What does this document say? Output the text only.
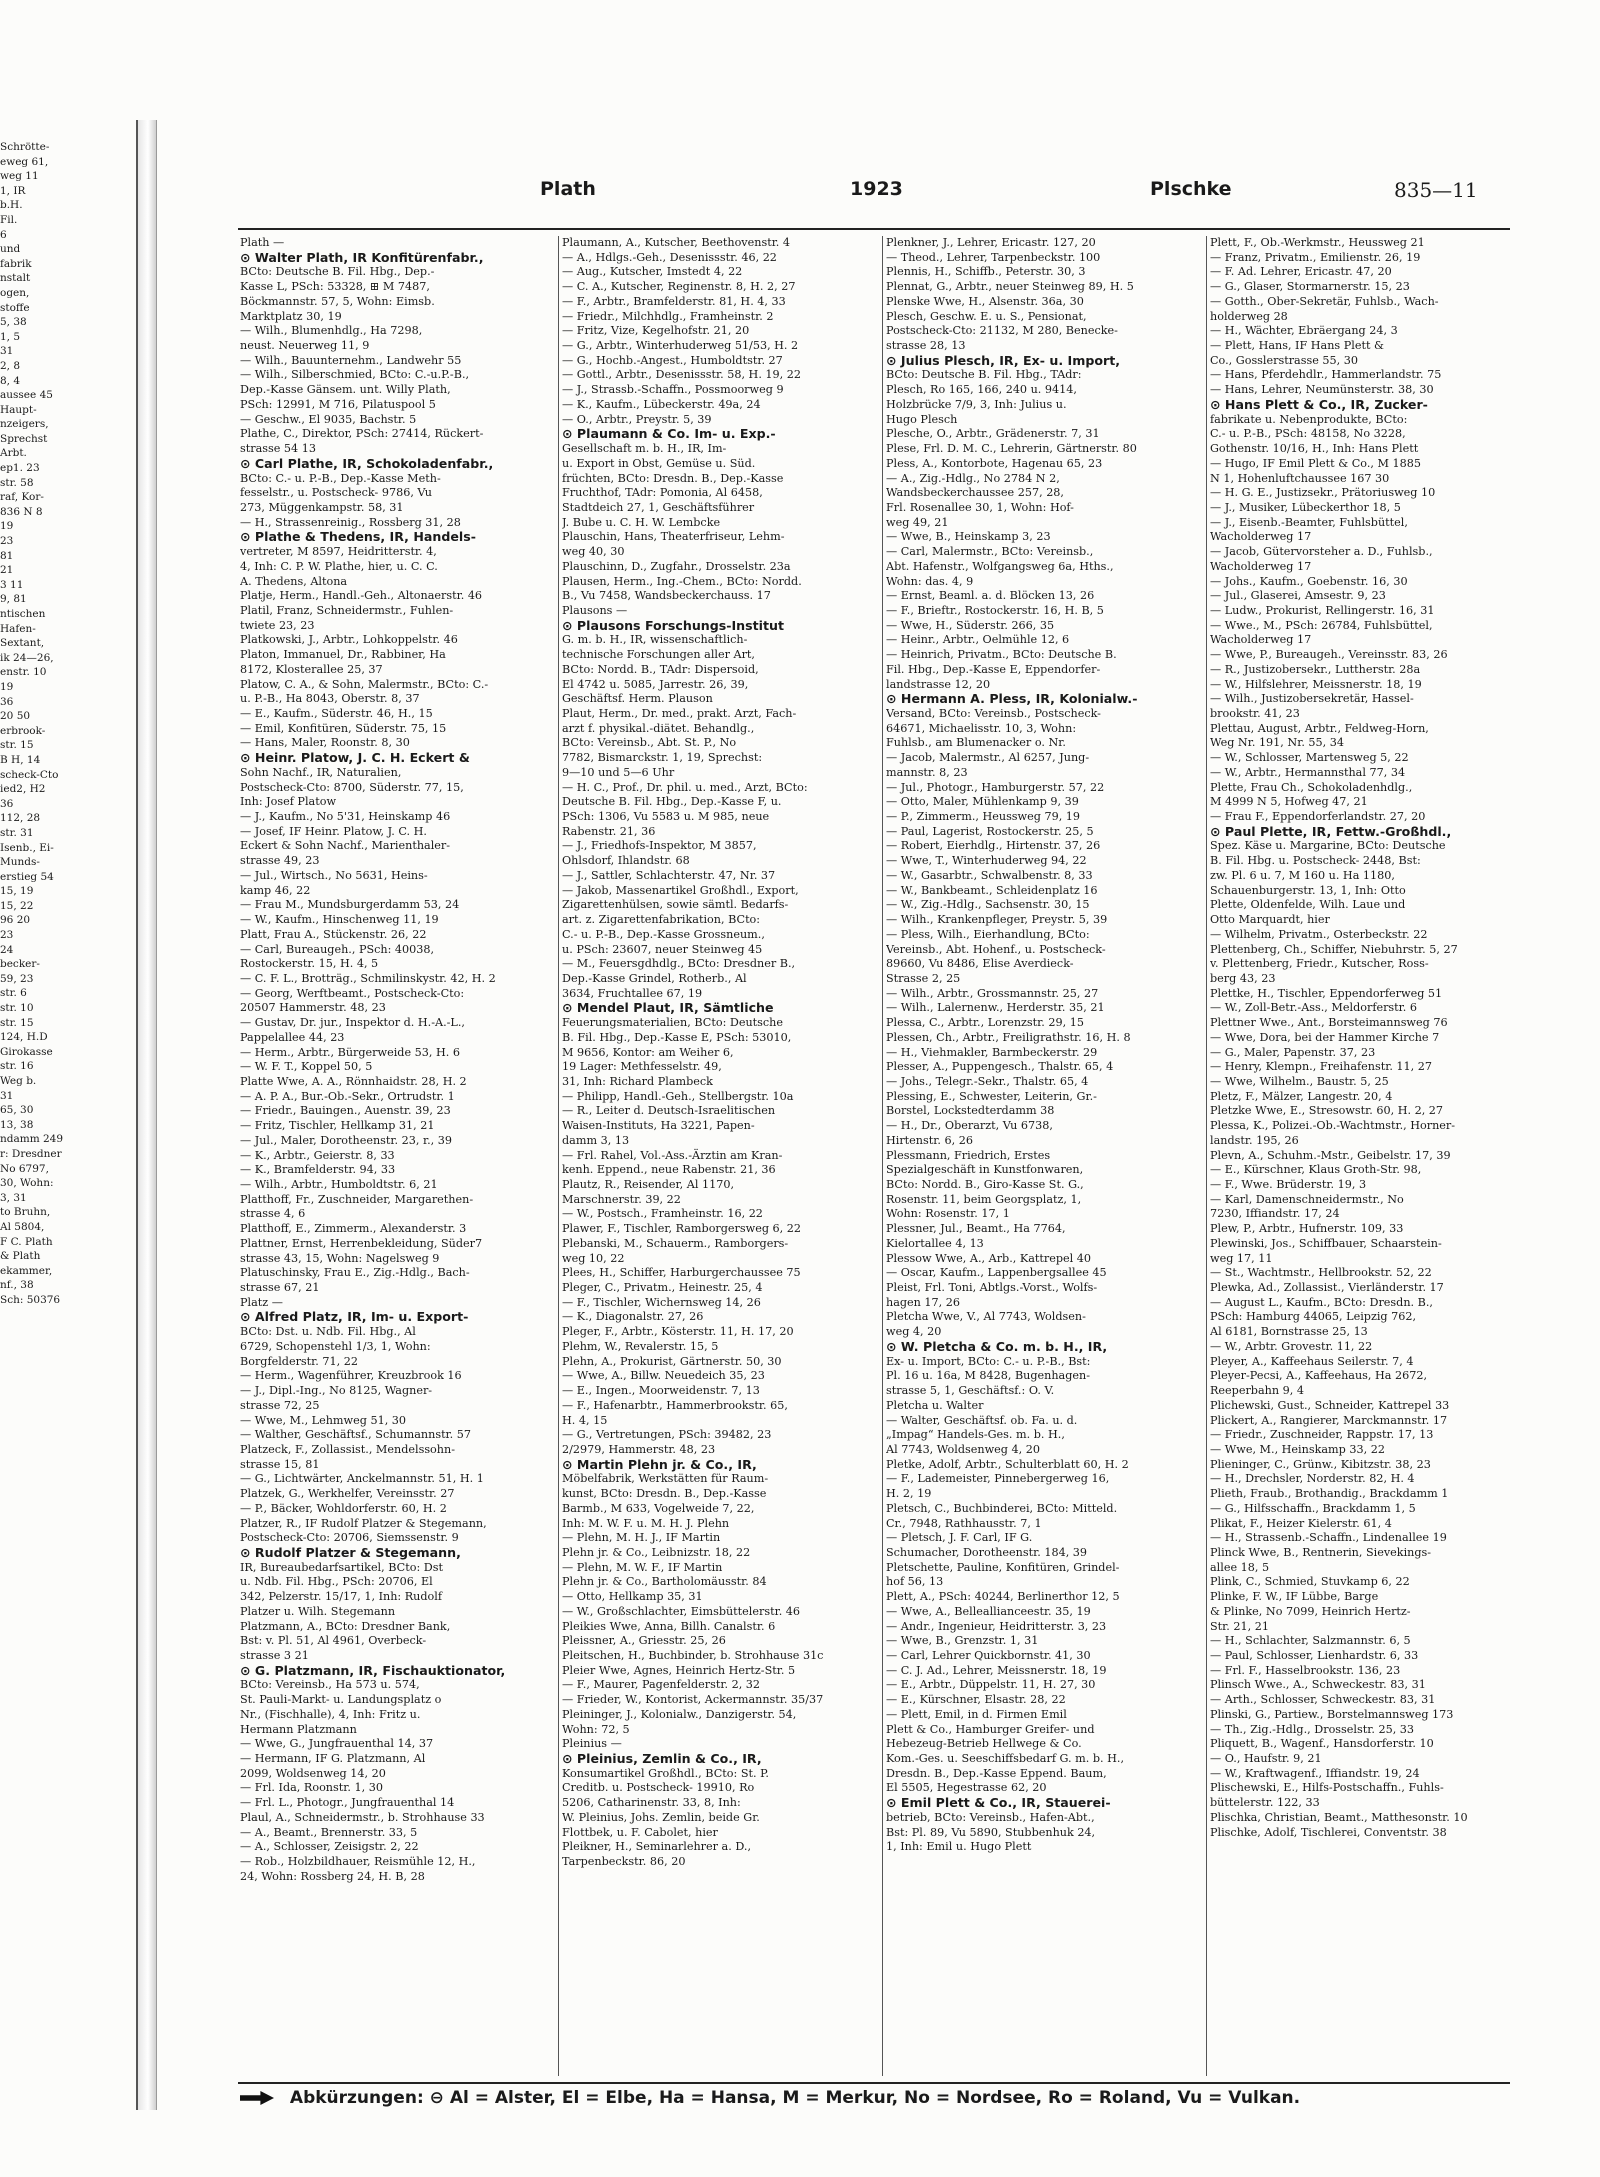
Schrötte-
eweg 61,
weg 11
1, IR
b.H.
Fil.
6
und
fabrik
nstalt
ogen,
stoffe
5, 38
1, 5
31
2, 8
8, 4
aussee 45
Haupt-
nzeigers,
Sprechst
Arbt.
ep1. 23
str. 58
raf, Kor-
836 N 8
19
23
81
21
3 11
9, 81
ntischen
Hafen-
Sextant,
ik 24—26,
enstr. 10
19
36
20 50
erbrook-
str. 15
B H, 14
scheck-Cto
ied2, H2
36
112, 28
str. 31
Isenb., Ei-
Munds-
erstieg 54
15, 19
15, 22
96 20
23
24
becker-
59, 23
str. 6
str. 10
str. 15
124, H.D
Girokasse
str. 16
Weg b.
31
65, 30
13, 38
ndamm 249
r: Dresdner
No 6797,
30, Wohn:
3, 31
to Bruhn,
Al 5804,
F C. Plath
& Plath
ekammer,
nf., 38
Sch: 50376
Plath	1923	Plschke	835—11
Plath —
⊙ Walter Plath, IR Konfitürenfabr.,
BCto: Deutsche B. Fil. Hbg., Dep.-
Kasse L, PSch: 53328, ⊞ M 7487,
Böckmannstr. 57, 5, Wohn: Eimsb.
Marktplatz 30, 19
— Wilh., Blumenhdlg., Ha 7298,
neust. Neuerweg 11, 9
— Wilh., Bauunternehm., Landwehr 55
— Wilh., Silberschmied, BCto: C.-u.P.-B.,
Dep.-Kasse Gänsem. unt. Willy Plath,
PSch: 12991, M 716, Pilatuspool 5
— Geschw., El 9035, Bachstr. 5
Plathe, C., Direktor, PSch: 27414, Rückert-
strasse 54 13
⊙ Carl Plathe, IR, Schokoladenfabr.,
BCto: C.- u. P.-B., Dep.-Kasse Meth-
fesselstr., u. Postscheck- 9786, Vu
273, Müggenkampstr. 58, 31
— H., Strassenreinig., Rossberg 31, 28
⊙ Plathe & Thedens, IR, Handels-
vertreter, M 8597, Heidritterstr. 4,
4, Inh: C. P. W. Plathe, hier, u. C. C.
A. Thedens, Altona
Platje, Herm., Handl.-Geh., Altonaerstr. 46
Platil, Franz, Schneidermstr., Fuhlen-
twiete 23, 23
Platkowski, J., Arbtr., Lohkoppelstr. 46
Platon, Immanuel, Dr., Rabbiner, Ha
8172, Klosterallee 25, 37
Platow, C. A., & Sohn, Malermstr., BCto: C.-
u. P.-B., Ha 8043, Oberstr. 8, 37
— E., Kaufm., Süderstr. 46, H., 15
— Emil, Konfitüren, Süderstr. 75, 15
— Hans, Maler, Roonstr. 8, 30
⊙ Heinr. Platow, J. C. H. Eckert &
Sohn Nachf., IR, Naturalien,
Postscheck-Cto: 8700, Süderstr. 77, 15,
Inh: Josef Platow
— J., Kaufm., No 5'31, Heinskamp 46
— Josef, IF Heinr. Platow, J. C. H.
Eckert & Sohn Nachf., Marienthaler-
strasse 49, 23
— Jul., Wirtsch., No 5631, Heins-
kamp 46, 22
— Frau M., Mundsburgerdamm 53, 24
— W., Kaufm., Hinschenweg 11, 19
Platt, Frau A., Stückenstr. 26, 22
— Carl, Bureaugeh., PSch: 40038,
Rostockerstr. 15, H. 4, 5
— C. F. L., Brotträg., Schmilinskystr. 42, H. 2
— Georg, Werftbeamt., Postscheck-Cto:
20507 Hammerstr. 48, 23
— Gustav, Dr. jur., Inspektor d. H.-A.-L.,
Pappelallee 44, 23
— Herm., Arbtr., Bürgerweide 53, H. 6
— W. F. T., Koppel 50, 5
Platte Wwe, A. A., Rönnhaidstr. 28, H. 2
— A. P. A., Bur.-Ob.-Sekr., Ortrudstr. 1
— Friedr., Bauingen., Auenstr. 39, 23
— Fritz, Tischler, Hellkamp 31, 21
— Jul., Maler, Dorotheenstr. 23, r., 39
— K., Arbtr., Geierstr. 8, 33
— K., Bramfelderstr. 94, 33
— Wilh., Arbtr., Humboldtstr. 6, 21
Platthoff, Fr., Zuschneider, Margarethen-
strasse 4, 6
Platthoff, E., Zimmerm., Alexanderstr. 3
Plattner, Ernst, Herrenbekleidung, Süder7
strasse 43, 15, Wohn: Nagelsweg 9
Platuschinsky, Frau E., Zig.-Hdlg., Bach-
strasse 67, 21
Platz —
⊙ Alfred Platz, IR, Im- u. Export-
BCto: Dst. u. Ndb. Fil. Hbg., Al
6729, Schopenstehl 1/3, 1, Wohn:
Borgfelderstr. 71, 22
— Herm., Wagenführer, Kreuzbrook 16
— J., Dipl.-Ing., No 8125, Wagner-
strasse 72, 25
— Wwe, M., Lehmweg 51, 30
— Walther, Geschäftsf., Schumannstr. 57
Platzeck, F., Zollassist., Mendelssohn-
strasse 15, 81
— G., Lichtwärter, Anckelmannstr. 51, H. 1
Platzek, G., Werkhelfer, Vereinsstr. 27
— P., Bäcker, Wohldorferstr. 60, H. 2
Platzer, R., IF Rudolf Platzer & Stegemann,
Postscheck-Cto: 20706, Siemssenstr. 9
⊙ Rudolf Platzer & Stegemann,
IR, Bureaubedarfsartikel, BCto: Dst
u. Ndb. Fil. Hbg., PSch: 20706, El
342, Pelzerstr. 15/17, 1, Inh: Rudolf
Platzer u. Wilh. Stegemann
Platzmann, A., BCto: Dresdner Bank,
Bst: v. Pl. 51, Al 4961, Overbeck-
strasse 3 21
⊙ G. Platzmann, IR, Fischauktionator,
BCto: Vereinsb., Ha 573 u. 574,
St. Pauli-Markt- u. Landungsplatz o
Nr., (Fischhalle), 4, Inh: Fritz u.
Hermann Platzmann
— Wwe, G., Jungfrauenthal 14, 37
— Hermann, IF G. Platzmann, Al
2099, Woldsenweg 14, 20
— Frl. Ida, Roonstr. 1, 30
— Frl. L., Photogr., Jungfrauenthal 14
Plaul, A., Schneidermstr., b. Strohhause 33
— A., Beamt., Brennerstr. 33, 5
— A., Schlosser, Zeisigstr. 2, 22
— Rob., Holzbildhauer, Reismühle 12, H.,
24, Wohn: Rossberg 24, H. B, 28
Plaumann, A., Kutscher, Beethovenstr. 4
— A., Hdlgs.-Geh., Desenissstr. 46, 22
— Aug., Kutscher, Imstedt 4, 22
— C. A., Kutscher, Reginenstr. 8, H. 2, 27
— F., Arbtr., Bramfelderstr. 81, H. 4, 33
— Friedr., Milchhdlg., Framheinstr. 2
— Fritz, Vize, Kegelhofstr. 21, 20
— G., Arbtr., Winterhuderweg 51/53, H. 2
— G., Hochb.-Angest., Humboldtstr. 27
— Gottl., Arbtr., Desenissstr. 58, H. 19, 22
— J., Strassb.-Schaffn., Possmoorweg 9
— K., Kaufm., Lübeckerstr. 49a, 24
— O., Arbtr., Preystr. 5, 39
⊙ Plaumann & Co. Im- u. Exp.-
Gesellschaft m. b. H., IR, Im-
u. Export in Obst, Gemüse u. Süd.
früchten, BCto: Dresdn. B., Dep.-Kasse
Fruchthof, TAdr: Pomonia, Al 6458,
Stadtdeich 27, 1, Geschäftsführer
J. Bube u. C. H. W. Lembcke
Plauschin, Hans, Theaterfriseur, Lehm-
weg 40, 30
Plauschinn, D., Zugfahr., Drosselstr. 23a
Plausen, Herm., Ing.-Chem., BCto: Nordd.
B., Vu 7458, Wandsbeckerchauss. 17
Plausons —
⊙ Plausons Forschungs-Institut
G. m. b. H., IR, wissenschaftlich-
technische Forschungen aller Art,
BCto: Nordd. B., TAdr: Dispersoid,
El 4742 u. 5085, Jarrestr. 26, 39,
Geschäftsf. Herm. Plauson
Plaut, Herm., Dr. med., prakt. Arzt, Fach-
arzt f. physikal.-diätet. Behandlg.,
BCto: Vereinsb., Abt. St. P., No
7782, Bismarckstr. 1, 19, Sprechst:
9—10 und 5—6 Uhr
— H. C., Prof., Dr. phil. u. med., Arzt, BCto:
Deutsche B. Fil. Hbg., Dep.-Kasse F, u.
PSch: 1306, Vu 5583 u. M 985, neue
Rabenstr. 21, 36
— J., Friedhofs-Inspektor, M 3857,
Ohlsdorf, Ihlandstr. 68
— J., Sattler, Schlachterstr. 47, Nr. 37
— Jakob, Massenartikel Großhdl., Export,
Zigarettenhülsen, sowie sämtl. Bedarfs-
art. z. Zigarettenfabrikation, BCto:
C.- u. P.-B., Dep.-Kasse Grossneum.,
u. PSch: 23607, neuer Steinweg 45
— M., Feuersgdhdlg., BCto: Dresdner B.,
Dep.-Kasse Grindel, Rotherb., Al
3634, Fruchtallee 67, 19
⊙ Mendel Plaut, IR, Sämtliche
Feuerungsmaterialien, BCto: Deutsche
B. Fil. Hbg., Dep.-Kasse E, PSch: 53010,
M 9656, Kontor: am Weiher 6,
19 Lager: Methfesselstr. 49,
31, Inh: Richard Plambeck
— Philipp, Handl.-Geh., Stellbergstr. 10a
— R., Leiter d. Deutsch-Israelitischen
Waisen-Instituts, Ha 3221, Papen-
damm 3, 13
— Frl. Rahel, Vol.-Ass.-Ärztin am Kran-
kenh. Eppend., neue Rabenstr. 21, 36
Plautz, R., Reisender, Al 1170,
Marschnerstr. 39, 22
— W., Postsch., Framheinstr. 16, 22
Plawer, F., Tischler, Ramborgersweg 6, 22
Plebanski, M., Schauerm., Ramborgers-
weg 10, 22
Plees, H., Schiffer, Harburgerchaussee 75
Pleger, C., Privatm., Heinestr. 25, 4
— F., Tischler, Wichernsweg 14, 26
— K., Diagonalstr. 27, 26
Pleger, F., Arbtr., Kösterstr. 11, H. 17, 20
Plehm, W., Revalerstr. 15, 5
Plehn, A., Prokurist, Gärtnerstr. 50, 30
— Wwe, A., Billw. Neuedeich 35, 23
— E., Ingen., Moorweidenstr. 7, 13
— F., Hafenarbtr., Hammerbrookstr. 65,
H. 4, 15
— G., Vertretungen, PSch: 39482, 23
2/2979, Hammerstr. 48, 23
⊙ Martin Plehn jr. & Co., IR,
Möbelfabrik, Werkstätten für Raum-
kunst, BCto: Dresdn. B., Dep.-Kasse
Barmb., M 633, Vogelweide 7, 22,
Inh: M. W. F. u. M. H. J. Plehn
— Plehn, M. H. J., IF Martin
Plehn jr. & Co., Leibnizstr. 18, 22
— Plehn, M. W. F., IF Martin
Plehn jr. & Co., Bartholomäusstr. 84
— Otto, Hellkamp 35, 31
— W., Großschlachter, Eimsbüttelerstr. 46
Pleikies Wwe, Anna, Billh. Canalstr. 6
Pleissner, A., Griesstr. 25, 26
Pleitschen, H., Buchbinder, b. Strohhause 31c
Pleier Wwe, Agnes, Heinrich Hertz-Str. 5
— F., Maurer, Pagenfelderstr. 2, 32
— Frieder, W., Kontorist, Ackermannstr. 35/37
Pleininger, J., Kolonialw., Danzigerstr. 54,
Wohn: 72, 5
Pleinius —
⊙ Pleinius, Zemlin & Co., IR,
Konsumartikel Großhdl., BCto: St. P.
Creditb. u. Postscheck- 19910, Ro
5206, Catharinenstr. 33, 8, Inh:
W. Pleinius, Johs. Zemlin, beide Gr.
Flottbek, u. F. Cabolet, hier
Pleikner, H., Seminarlehrer a. D.,
Tarpenbeckstr. 86, 20
Plenkner, J., Lehrer, Ericastr. 127, 20
— Theod., Lehrer, Tarpenbeckstr. 100
Plennis, H., Schiffb., Peterstr. 30, 3
Plennat, G., Arbtr., neuer Steinweg 89, H. 5
Plenske Wwe, H., Alsenstr. 36a, 30
Plesch, Geschw. E. u. S., Pensionat,
Postscheck-Cto: 21132, M 280, Benecke-
strasse 28, 13
⊙ Julius Plesch, IR, Ex- u. Import,
BCto: Deutsche B. Fil. Hbg., TAdr:
Plesch, Ro 165, 166, 240 u. 9414,
Holzbrücke 7/9, 3, Inh: Julius u.
Hugo Plesch
Plesche, O., Arbtr., Grädenerstr. 7, 31
Plese, Frl. D. M. C., Lehrerin, Gärtnerstr. 80
Pless, A., Kontorbote, Hagenau 65, 23
— A., Zig.-Hdlg., No 2784 N 2,
Wandsbeckerchaussee 257, 28,
Frl. Rosenallee 30, 1, Wohn: Hof-
weg 49, 21
— Wwe, B., Heinskamp 3, 23
— Carl, Malermstr., BCto: Vereinsb.,
Abt. Hafenstr., Wolfgangsweg 6a, Hths.,
Wohn: das. 4, 9
— Ernst, Beaml. a. d. Blöcken 13, 26
— F., Brieftr., Rostockerstr. 16, H. B, 5
— Wwe, H., Süderstr. 266, 35
— Heinr., Arbtr., Oelmühle 12, 6
— Heinrich, Privatm., BCto: Deutsche B.
Fil. Hbg., Dep.-Kasse E, Eppendorfer-
landstrasse 12, 20
⊙ Hermann A. Pless, IR, Kolonialw.-
Versand, BCto: Vereinsb., Postscheck-
64671, Michaelisstr. 10, 3, Wohn:
Fuhlsb., am Blumenacker o. Nr.
— Jacob, Malermstr., Al 6257, Jung-
mannstr. 8, 23
— Jul., Photogr., Hamburgerstr. 57, 22
— Otto, Maler, Mühlenkamp 9, 39
— P., Zimmerm., Heussweg 79, 19
— Paul, Lagerist, Rostockerstr. 25, 5
— Robert, Eierhdlg., Hirtenstr. 37, 26
— Wwe, T., Winterhuderweg 94, 22
— W., Gasarbtr., Schwalbenstr. 8, 33
— W., Bankbeamt., Schleidenplatz 16
— W., Zig.-Hdlg., Sachsenstr. 30, 15
— Wilh., Krankenpfleger, Preystr. 5, 39
— Pless, Wilh., Eierhandlung, BCto:
Vereinsb., Abt. Hohenf., u. Postscheck-
89660, Vu 8486, Elise Averdieck-
Strasse 2, 25
— Wilh., Arbtr., Grossmannstr. 25, 27
— Wilh., Lalernenw., Herderstr. 35, 21
Plessa, C., Arbtr., Lorenzstr. 29, 15
Plessen, Ch., Arbtr., Freiligrathstr. 16, H. 8
— H., Viehmakler, Barmbeckerstr. 29
Plesser, A., Puppengesch., Thalstr. 65, 4
— Johs., Telegr.-Sekr., Thalstr. 65, 4
Plessing, E., Schwester, Leiterin, Gr.-
Borstel, Lockstedterdamm 38
— H., Dr., Oberarzt, Vu 6738,
Hirtenstr. 6, 26
Plessmann, Friedrich, Erstes
Spezialgeschäft in Kunstfonwaren,
BCto: Nordd. B., Giro-Kasse St. G.,
Rosenstr. 11, beim Georgsplatz, 1,
Wohn: Rosenstr. 17, 1
Plessner, Jul., Beamt., Ha 7764,
Kielortallee 4, 13
Plessow Wwe, A., Arb., Kattrepel 40
— Oscar, Kaufm., Lappenbergsallee 45
Pleist, Frl. Toni, Abtlgs.-Vorst., Wolfs-
hagen 17, 26
Pletcha Wwe, V., Al 7743, Woldsen-
weg 4, 20
⊙ W. Pletcha & Co. m. b. H., IR,
Ex- u. Import, BCto: C.- u. P.-B., Bst:
Pl. 16 u. 16a, M 8428, Bugenhagen-
strasse 5, 1, Geschäftsf.: O. V.
Pletcha u. Walter
— Walter, Geschäftsf. ob. Fa. u. d.
„Impag“ Handels-Ges. m. b. H.,
Al 7743, Woldsenweg 4, 20
Pletke, Adolf, Arbtr., Schulterblatt 60, H. 2
— F., Lademeister, Pinnebergerweg 16,
H. 2, 19
Pletsch, C., Buchbinderei, BCto: Mitteld.
Cr., 7948, Rathhausstr. 7, 1
— Pletsch, J. F. Carl, IF G.
Schumacher, Dorotheenstr. 184, 39
Pletschette, Pauline, Konfitüren, Grindel-
hof 56, 13
Plett, A., PSch: 40244, Berlinerthor 12, 5
— Wwe, A., Belleallianceestr. 35, 19
— Andr., Ingenieur, Heidritterstr. 3, 23
— Wwe, B., Grenzstr. 1, 31
— Carl, Lehrer Quickbornstr. 41, 30
— C. J. Ad., Lehrer, Meissnerstr. 18, 19
— E., Arbtr., Düppelstr. 11, H. 27, 30
— E., Kürschner, Elsastr. 28, 22
— Plett, Emil, in d. Firmen Emil
Plett & Co., Hamburger Greifer- und
Hebezeug-Betrieb Hellwege & Co.
Kom.-Ges. u. Seeschiffsbedarf G. m. b. H.,
Dresdn. B., Dep.-Kasse Eppend. Baum,
El 5505, Hegestrasse 62, 20
⊙ Emil Plett & Co., IR, Stauerei-
betrieb, BCto: Vereinsb., Hafen-Abt.,
Bst: Pl. 89, Vu 5890, Stubbenhuk 24,
1, Inh: Emil u. Hugo Plett
Plett, F., Ob.-Werkmstr., Heussweg 21
— Franz, Privatm., Emilienstr. 26, 19
— F. Ad. Lehrer, Ericastr. 47, 20
— G., Glaser, Stormarnerstr. 15, 23
— Gotth., Ober-Sekretär, Fuhlsb., Wach-
holderweg 28
— H., Wächter, Ebräergang 24, 3
— Plett, Hans, IF Hans Plett &
Co., Gosslerstrasse 55, 30
— Hans, Pferdehdlr., Hammerlandstr. 75
— Hans, Lehrer, Neumünsterstr. 38, 30
⊙ Hans Plett & Co., IR, Zucker-
fabrikate u. Nebenprodukte, BCto:
C.- u. P.-B., PSch: 48158, No 3228,
Gothenstr. 10/16, H., Inh: Hans Plett
— Hugo, IF Emil Plett & Co., M 1885
N 1, Hohenluftchaussee 167 30
— H. G. E., Justizsekr., Prätoriusweg 10
— J., Musiker, Lübeckerthor 18, 5
— J., Eisenb.-Beamter, Fuhlsbüttel,
Wacholderweg 17
— Jacob, Gütervorsteher a. D., Fuhlsb.,
Wacholderweg 17
— Johs., Kaufm., Goebenstr. 16, 30
— Jul., Glaserei, Amsestr. 9, 23
— Ludw., Prokurist, Rellingerstr. 16, 31
— Wwe., M., PSch: 26784, Fuhlsbüttel,
Wacholderweg 17
— Wwe, P., Bureaugeh., Vereinsstr. 83, 26
— R., Justizobersekr., Luttherstr. 28a
— W., Hilfslehrer, Meissnerstr. 18, 19
— Wilh., Justizobersekretär, Hassel-
brookstr. 41, 23
Plettau, August, Arbtr., Feldweg-Horn,
Weg Nr. 191, Nr. 55, 34
— W., Schlosser, Martensweg 5, 22
— W., Arbtr., Hermannsthal 77, 34
Plette, Frau Ch., Schokoladenhdlg.,
M 4999 N 5, Hofweg 47, 21
— Frau F., Eppendorferlandstr. 27, 20
⊙ Paul Plette, IR, Fettw.-Großhdl.,
Spez. Käse u. Margarine, BCto: Deutsche
B. Fil. Hbg. u. Postscheck- 2448, Bst:
zw. Pl. 6 u. 7, M 160 u. Ha 1180,
Schauenburgerstr. 13, 1, Inh: Otto
Plette, Oldenfelde, Wilh. Laue und
Otto Marquardt, hier
— Wilhelm, Privatm., Osterbeckstr. 22
Plettenberg, Ch., Schiffer, Niebuhrstr. 5, 27
v. Plettenberg, Friedr., Kutscher, Ross-
berg 43, 23
Plettke, H., Tischler, Eppendorferweg 51
— W., Zoll-Betr.-Ass., Meldorferstr. 6
Plettner Wwe., Ant., Borsteimannsweg 76
— Wwe, Dora, bei der Hammer Kirche 7
— G., Maler, Papenstr. 37, 23
— Henry, Klempn., Freihafenstr. 11, 27
— Wwe, Wilhelm., Baustr. 5, 25
Pletz, F., Mälzer, Langestr. 20, 4
Pletzke Wwe, E., Stresowstr. 60, H. 2, 27
Plessa, K., Polizei.-Ob.-Wachtmstr., Horner-
landstr. 195, 26
Plevn, A., Schuhm.-Mstr., Geibelstr. 17, 39
— E., Kürschner, Klaus Groth-Str. 98,
— F., Wwe. Brüderstr. 19, 3
— Karl, Damenschneidermstr., No
7230, Iffiandstr. 17, 24
Plew, P., Arbtr., Hufnerstr. 109, 33
Plewinski, Jos., Schiffbauer, Schaarstein-
weg 17, 11
— St., Wachtmstr., Hellbrookstr. 52, 22
Plewka, Ad., Zollassist., Vierländerstr. 17
— August L., Kaufm., BCto: Dresdn. B.,
PSch: Hamburg 44065, Leipzig 762,
Al 6181, Bornstrasse 25, 13
— W., Arbtr. Grovestr. 11, 22
Pleyer, A., Kaffeehaus Seilerstr. 7, 4
Pleyer-Pecsi, A., Kaffeehaus, Ha 2672,
Reeperbahn 9, 4
Plichewski, Gust., Schneider, Kattrepel 33
Plickert, A., Rangierer, Marckmannstr. 17
— Friedr., Zuschneider, Rappstr. 17, 13
— Wwe, M., Heinskamp 33, 22
Plieninger, C., Grünw., Kibitzstr. 38, 23
— H., Drechsler, Norderstr. 82, H. 4
Plieth, Fraub., Brothandig., Brackdamm 1
— G., Hilfsschaffn., Brackdamm 1, 5
Plikat, F., Heizer Kielerstr. 61, 4
— H., Strassenb.-Schaffn., Lindenallee 19
Plinck Wwe, B., Rentnerin, Sievekings-
allee 18, 5
Plink, C., Schmied, Stuvkamp 6, 22
Plinke, F. W., IF Lübbe, Barge
& Plinke, No 7099, Heinrich Hertz-
Str. 21, 21
— H., Schlachter, Salzmannstr. 6, 5
— Paul, Schlosser, Lienhardstr. 6, 33
— Frl. F., Hasselbrookstr. 136, 23
Plinsch Wwe., A., Schweckestr. 83, 31
— Arth., Schlosser, Schweckestr. 83, 31
Plinski, G., Partiew., Borstelmannsweg 173
— Th., Zig.-Hdlg., Drosselstr. 25, 33
Pliquett, B., Wagenf., Hansdorferstr. 10
— O., Haufstr. 9, 21
— W., Kraftwagenf., Iffiandstr. 19, 24
Plischewski, E., Hilfs-Postschaffn., Fuhls-
büttelerstr. 122, 33
Plischka, Christian, Beamt., Matthesonstr. 10
Plischke, Adolf, Tischlerei, Conventstr. 38
Abkürzungen: ⊖ Al = Alster, El = Elbe, Ha = Hansa, M = Merkur, No = Nordsee, Ro = Roland, Vu = Vulkan.
